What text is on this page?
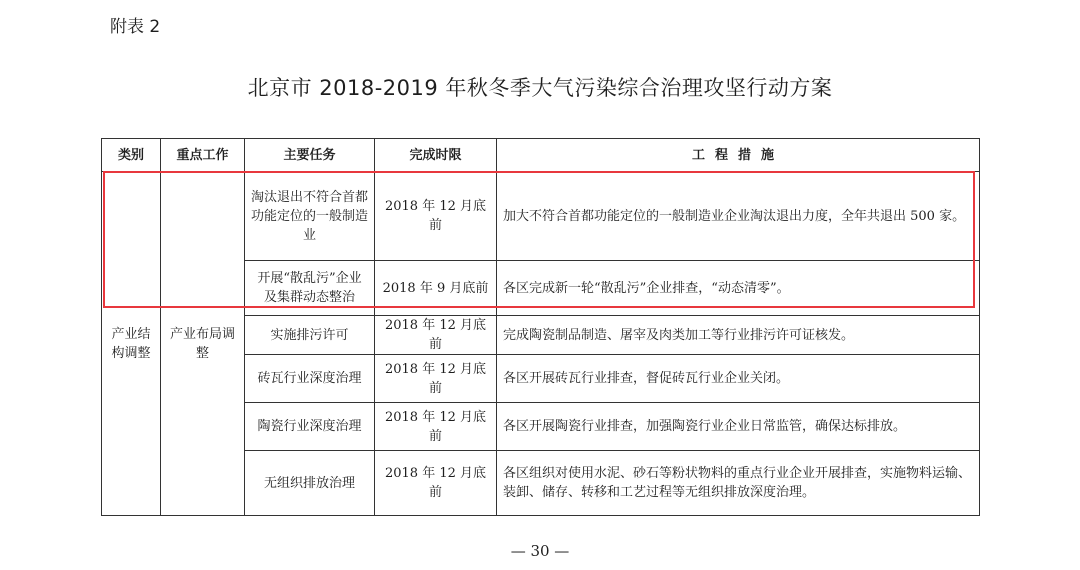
附表 2
北京市 2018-2019 年秋冬季大气污染综合治理攻坚行动方案
类别	重点工作	主要任务	完成时限	工程措施
产业结构调整	产业布局调整	淘汰退出不符合首都功能定位的一般制造业	2018 年 12 月底前	加大不符合首都功能定位的一般制造业企业淘汰退出力度，全年共退出 500 家。
		开展“散乱污”企业及集群动态整治	2018 年 9 月底前	各区完成新一轮“散乱污”企业排查，“动态清零”。
		实施排污许可	2018 年 12 月底前	完成陶瓷制品制造、屠宰及肉类加工等行业排污许可证核发。
		砖瓦行业深度治理	2018 年 12 月底前	各区开展砖瓦行业排查，督促砖瓦行业企业关闭。
		陶瓷行业深度治理	2018 年 12 月底前	各区开展陶瓷行业排查，加强陶瓷行业企业日常监管，确保达标排放。
		无组织排放治理	2018 年 12 月底前	各区组织对使用水泥、砂石等粉状物料的重点行业企业开展排查，实施物料运输、装卸、储存、转移和工艺过程等无组织排放深度治理。
— 30 —
